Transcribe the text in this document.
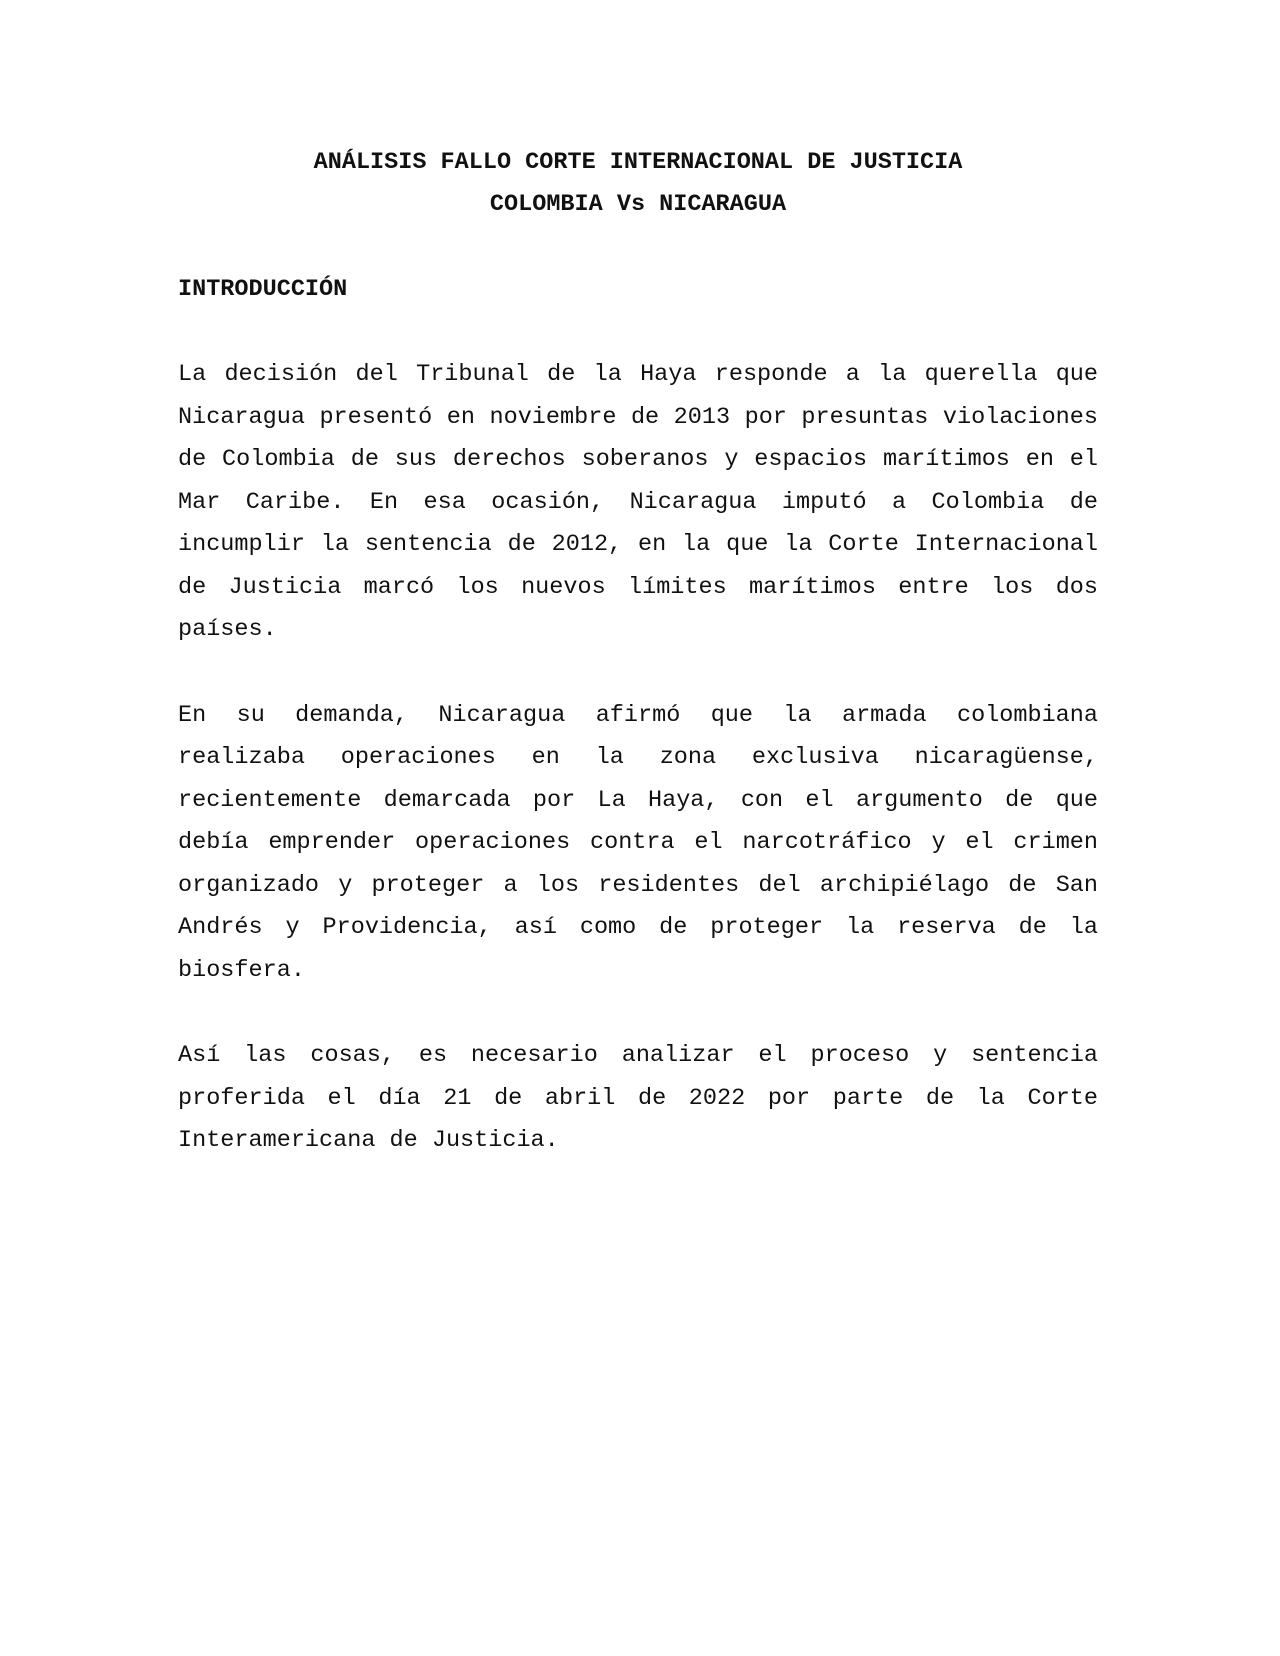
ANÁLISIS FALLO CORTE INTERNACIONAL DE JUSTICIA

COLOMBIA Vs NICARAGUA

INTRODUCCIÓN

La decisión del Tribunal de la Haya responde a la querella que Nicaragua presentó en noviembre de 2013 por presuntas violaciones de Colombia de sus derechos soberanos y espacios marítimos en el Mar Caribe. En esa ocasión, Nicaragua imputó a Colombia de incumplir la sentencia de 2012, en la que la Corte Internacional de Justicia marcó los nuevos límites marítimos entre los dos países.

En su demanda, Nicaragua afirmó que la armada colombiana realizaba operaciones en la zona exclusiva nicaragüense, recientemente demarcada por La Haya, con el argumento de que debía emprender operaciones contra el narcotráfico y el crimen organizado y proteger a los residentes del archipiélago de San Andrés y Providencia, así como de proteger la reserva de la biosfera.

Así las cosas, es necesario analizar el proceso y sentencia proferida el día 21 de abril de 2022 por parte de la Corte Interamericana de Justicia.
